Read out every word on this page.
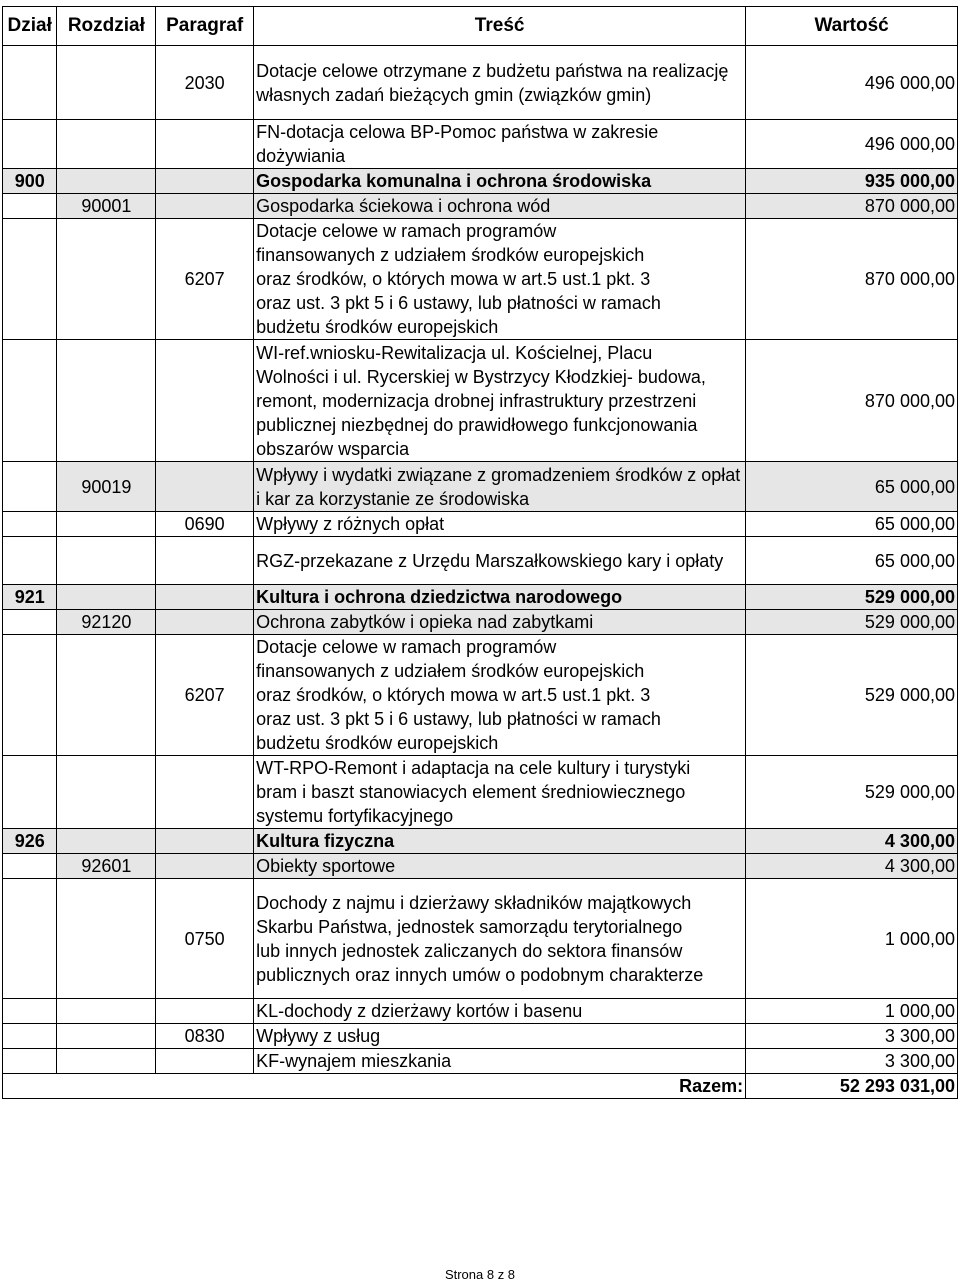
Dział	Rozdział	Paragraf	Treść	Wartość
		2030	Dotacje celowe otrzymane z budżetu państwa na realizację własnych zadań bieżących gmin (związków gmin)	496 000,00
			FN-dotacja celowa BP-Pomoc państwa w zakresie dożywiania	496 000,00
900			Gospodarka komunalna i ochrona środowiska	935 000,00
	90001		Gospodarka ściekowa i ochrona wód	870 000,00
		6207	Dotacje celowe w ramach programów finansowanych z udziałem środków europejskich oraz środków, o których mowa w art.5 ust.1 pkt. 3 oraz ust. 3 pkt 5 i 6 ustawy, lub płatności w ramach budżetu środków europejskich	870 000,00
			WI-ref.wniosku-Rewitalizacja ul. Kościelnej, Placu Wolności i ul. Rycerskiej w Bystrzycy Kłodzkiej- budowa, remont, modernizacja drobnej infrastruktury przestrzeni publicznej niezbędnej do prawidłowego funkcjonowania obszarów wsparcia	870 000,00
	90019		Wpływy i wydatki związane z gromadzeniem środków z opłat i kar za korzystanie ze środowiska	65 000,00
		0690	Wpływy z różnych opłat	65 000,00
			RGZ-przekazane z Urzędu Marszałkowskiego kary i opłaty	65 000,00
921			Kultura i ochrona dziedzictwa narodowego	529 000,00
	92120		Ochrona zabytków i opieka nad zabytkami	529 000,00
		6207	Dotacje celowe w ramach programów finansowanych z udziałem środków europejskich oraz środków, o których mowa w art.5 ust.1 pkt. 3 oraz ust. 3 pkt 5 i 6 ustawy, lub płatności w ramach budżetu środków europejskich	529 000,00
			WT-RPO-Remont i adaptacja na cele kultury i turystyki bram i baszt stanowiacych element średniowiecznego systemu fortyfikacyjnego	529 000,00
926			Kultura fizyczna	4 300,00
	92601		Obiekty sportowe	4 300,00
		0750	Dochody z najmu i dzierżawy składników majątkowych Skarbu Państwa, jednostek samorządu terytorialnego lub innych jednostek zaliczanych do sektora finansów publicznych oraz innych umów o podobnym charakterze	1 000,00
			KL-dochody z dzierżawy kortów i basenu	1 000,00
		0830	Wpływy z usług	3 300,00
			KF-wynajem mieszkania	3 300,00
Razem:				52 293 031,00
Strona 8 z 8
